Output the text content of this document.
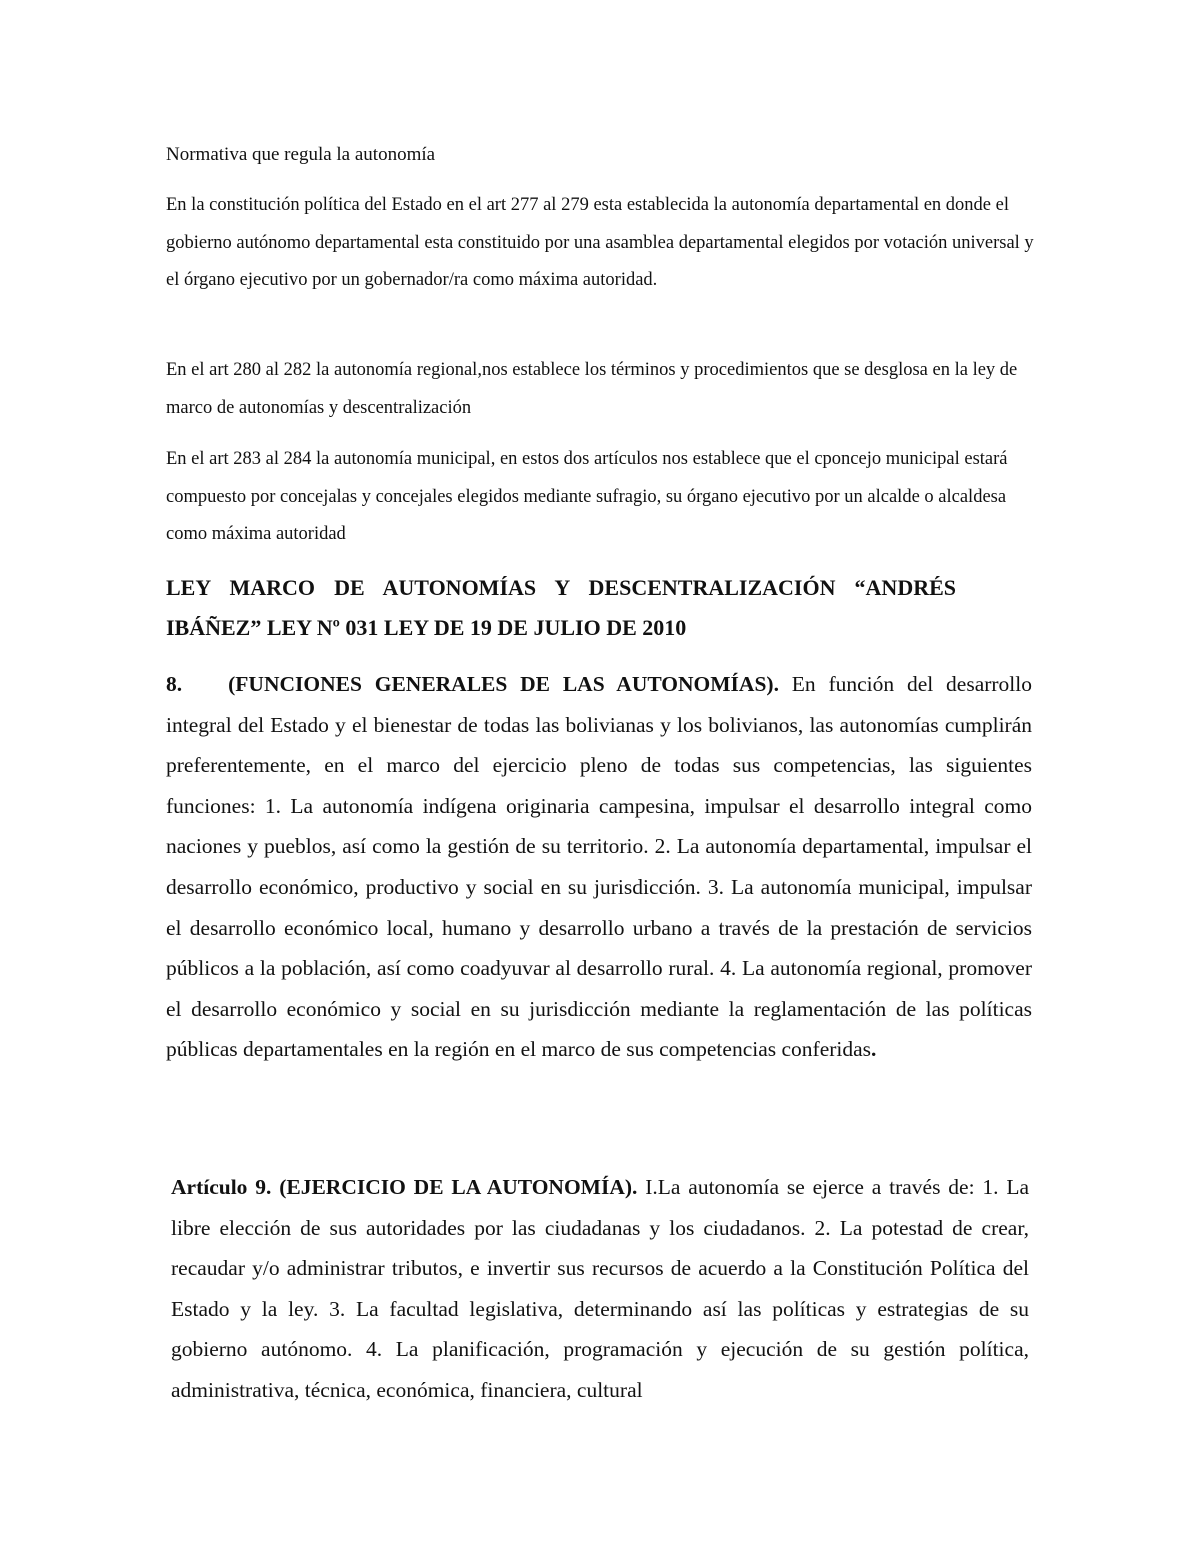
Normativa que regula la autonomía

En la constitución política del Estado en el art 277 al 279 esta establecida la autonomía departamental en donde el gobierno autónomo departamental esta constituido por una asamblea departamental elegidos por votación universal y el órgano ejecutivo por un gobernador/ra como máxima autoridad.

En el art 280 al 282 la autonomía regional,nos establece los términos y procedimientos que se desglosa en la ley de marco de autonomías y descentralización

En el art 283 al 284 la autonomía municipal, en estos dos artículos nos establece que el cponcejo municipal estará compuesto por concejalas y concejales elegidos mediante sufragio, su órgano ejecutivo por un alcalde o alcaldesa como máxima autoridad

LEY MARCO DE AUTONOMÍAS Y DESCENTRALIZACIÓN “ANDRÉS
IBÁÑEZ” LEY Nº 031 LEY DE 19 DE JULIO DE 2010

8. (FUNCIONES GENERALES DE LAS AUTONOMÍAS). En función del desarrollo integral del Estado y el bienestar de todas las bolivianas y los bolivianos, las autonomías cumplirán preferentemente, en el marco del ejercicio pleno de todas sus competencias, las siguientes funciones: 1. La autonomía indígena originaria campesina, impulsar el desarrollo integral como naciones y pueblos, así como la gestión de su territorio. 2. La autonomía departamental, impulsar el desarrollo económico, productivo y social en su jurisdicción. 3. La autonomía municipal, impulsar el desarrollo económico local, humano y desarrollo urbano a través de la prestación de servicios públicos a la población, así como coadyuvar al desarrollo rural. 4. La autonomía regional, promover el desarrollo económico y social en su jurisdicción mediante la reglamentación de las políticas públicas departamentales en la región en el marco de sus competencias conferidas.

Artículo 9. (EJERCICIO DE LA AUTONOMÍA). I.La autonomía se ejerce a través de: 1. La libre elección de sus autoridades por las ciudadanas y los ciudadanos. 2. La potestad de crear, recaudar y/o administrar tributos, e invertir sus recursos de acuerdo a la Constitución Política del Estado y la ley. 3. La facultad legislativa, determinando así las políticas y estrategias de su gobierno autónomo. 4. La planificación, programación y ejecución de su gestión política, administrativa, técnica, económica, financiera, cultural
